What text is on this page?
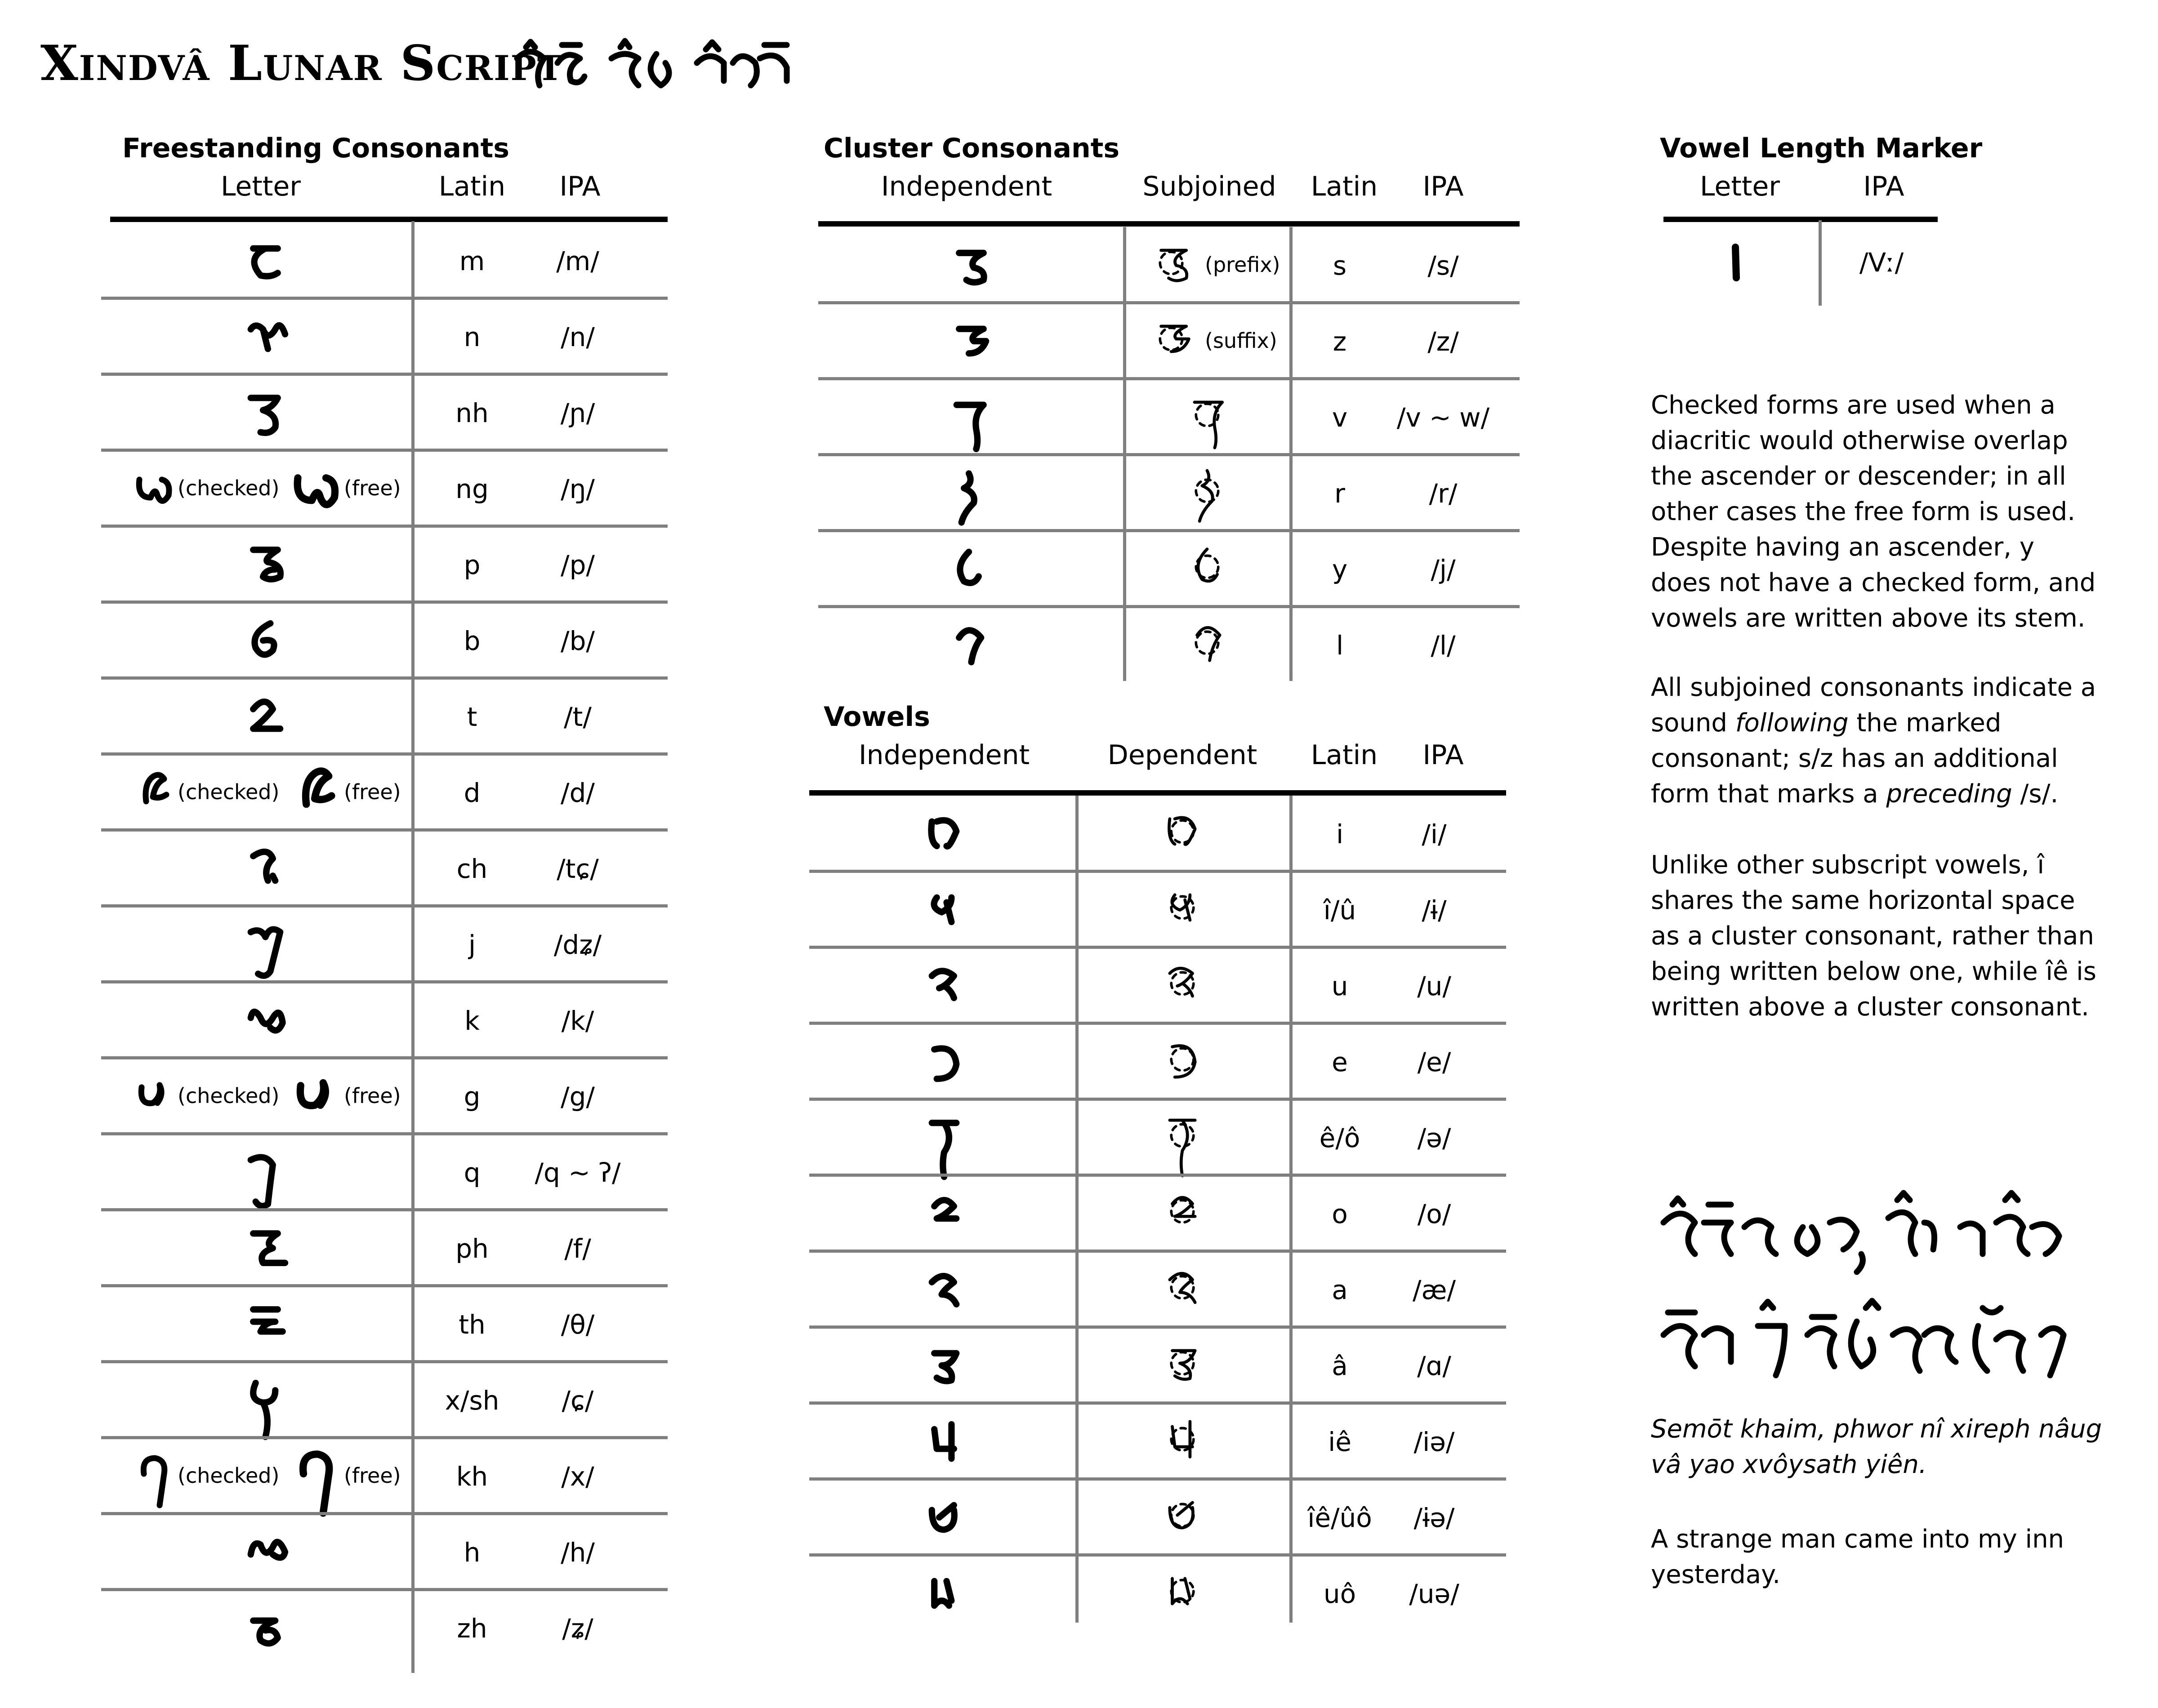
Xindvâ Lunar Script
Freestanding Consonants
Letter	Latin	IPA
m	/m/
n	/n/
nh	/ɲ/
(checked)	(free)	ng	/ŋ/
p	/p/
b	/b/
t	/t/
(checked)	(free)	d	/d/
ch	/tɕ/
j	/dʑ/
k	/k/
(checked)	(free)	g	/g/
q	/q ~ ʔ/
ph	/f/
th	/θ/
x/sh	/ɕ/
(checked)	(free)	kh	/x/
h	/h/
zh	/ʑ/
Cluster Consonants
Independent	Subjoined	Latin	IPA
(prefix)	s	/s/
(suffix)	z	/z/
v	/v ~ w/
r	/r/
y	/j/
l	/l/
Vowels
Independent	Dependent	Latin	IPA
i	/i/
î/û	/ɨ/
u	/u/
e	/e/
ê/ô	/ə/
o	/o/
a	/æ/
â	/ɑ/
iê	/iə/
îê/ûô	/ɨə/
uô	/uə/
Vowel Length Marker
Letter	IPA
/Vː/
Checked forms are used when a
diacritic would otherwise overlap
the ascender or descender; in all
other cases the free form is used.
Despite having an ascender, y
does not have a checked form, and
vowels are written above its stem.
All subjoined consonants indicate a
sound following the marked
consonant; s/z has an additional
form that marks a preceding /s/.
Unlike other subscript vowels, î
shares the same horizontal space
as a cluster consonant, rather than
being written below one, while îê is
written above a cluster consonant.
Semōt khaim, phwor nî xireph nâug
vâ yao xvôysath yiên.
A strange man came into my inn
yesterday.
